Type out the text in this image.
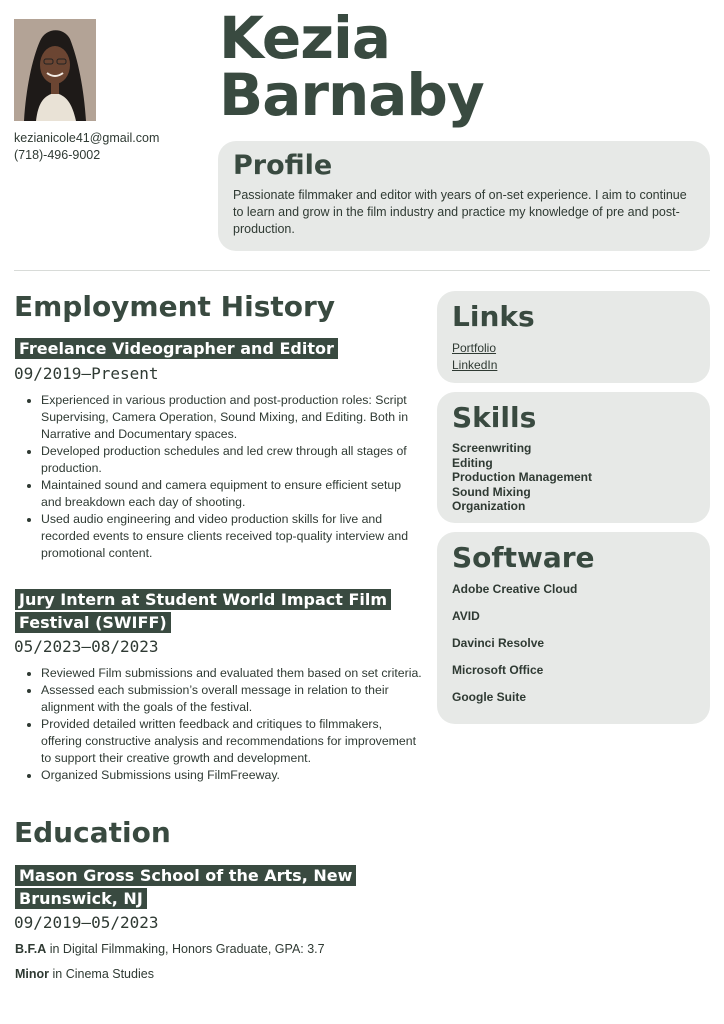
kezianicole41@gmail.com
(718)-496-9002
Kezia
Barnaby
Profile

Passionate filmmaker and editor with years of on-set experience. I aim to continue to learn and grow in the film industry and practice my knowledge of pre and post-production.

Employment History
Freelance Videographer and Editor

09/2019—Present

• Experienced in various production and post-production roles: Script Supervising, Camera Operation, Sound Mixing, and Editing. Both in Narrative and Documentary spaces.
• Developed production schedules and led crew through all stages of production.
• Maintained sound and camera equipment to ensure efficient setup and breakdown each day of shooting.
• Used audio engineering and video production skills for live and recorded events to ensure clients received top-quality interview and promotional content.
Jury Intern at Student World Impact Film Festival (SWIFF)

05/2023—08/2023

• Reviewed Film submissions and evaluated them based on set criteria.
• Assessed each submission’s overall message in relation to their alignment with the goals of the festival.
• Provided detailed written feedback and critiques to filmmakers, offering constructive analysis and recommendations for improvement to support their creative growth and development.
• Organized Submissions using FilmFreeway.
Education
Mason Gross School of the Arts, New Brunswick, NJ

09/2019—05/2023

B.F.A in Digital Filmmaking, Honors Graduate, GPA: 3.7

Minor in Cinema Studies

Links
Portfolio
LinkedIn
Skills
Screenwriting
Editing
Production Management
Sound Mixing
Organization
Software
Adobe Creative Cloud
AVID
Davinci Resolve
Microsoft Office
Google Suite
